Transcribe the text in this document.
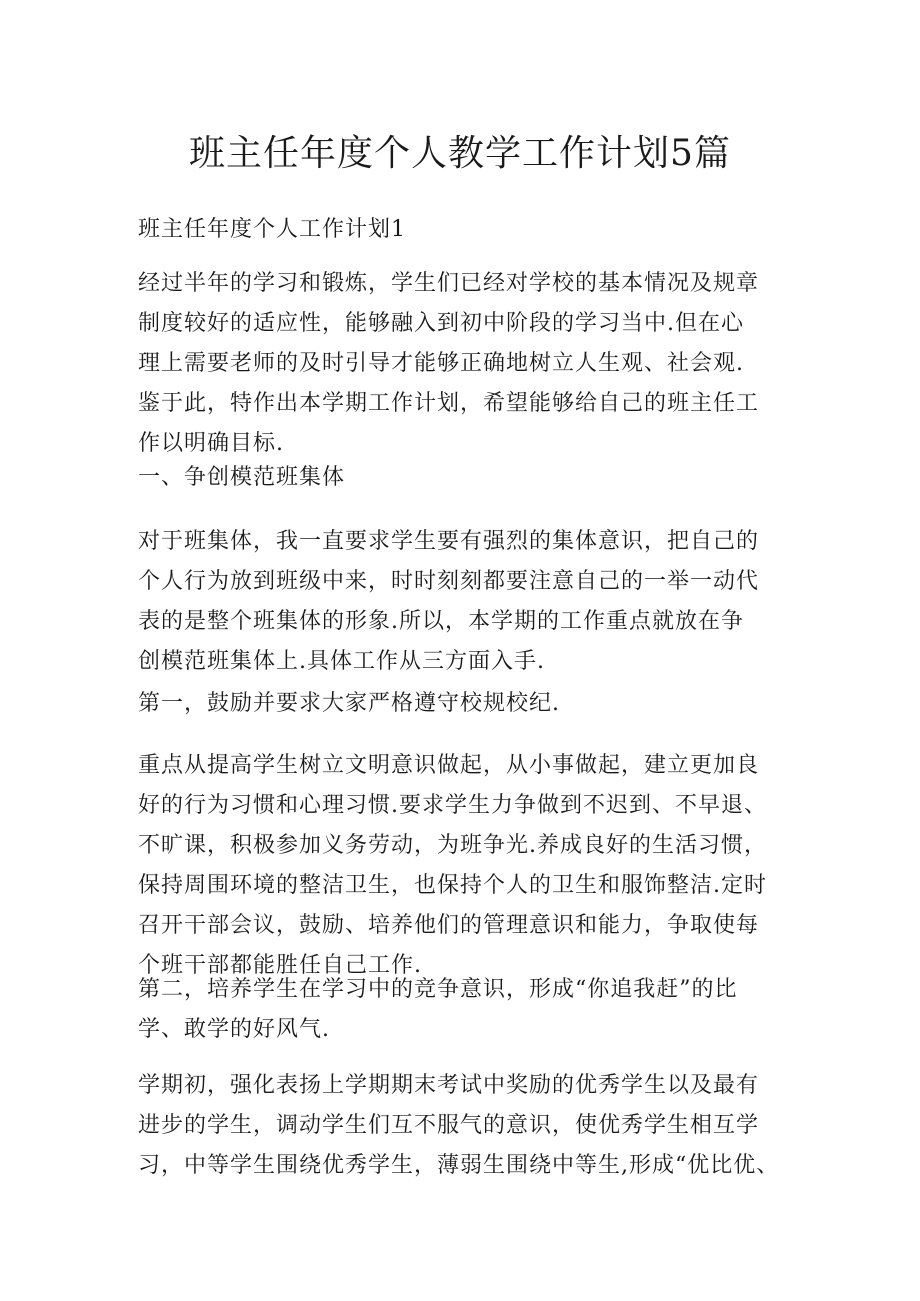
班主任年度个人教学工作计划5篇

班主任年度个人工作计划1

经过半年的学习和锻炼，学生们已经对学校的基本情况及规章
制度较好的适应性，能够融入到初中阶段的学习当中.但在心
理上需要老师的及时引导才能够正确地树立人生观、社会观.
鉴于此，特作出本学期工作计划，希望能够给自己的班主任工
作以明确目标.

一、争创模范班集体

对于班集体，我一直要求学生要有强烈的集体意识，把自己的
个人行为放到班级中来，时时刻刻都要注意自己的一举一动代
表的是整个班集体的形象.所以，本学期的工作重点就放在争
创模范班集体上.具体工作从三方面入手.

第一，鼓励并要求大家严格遵守校规校纪.

重点从提高学生树立文明意识做起，从小事做起，建立更加良
好的行为习惯和心理习惯.要求学生力争做到不迟到、不早退、
不旷课，积极参加义务劳动，为班争光.养成良好的生活习惯，
保持周围环境的整洁卫生，也保持个人的卫生和服饰整洁.定时
召开干部会议，鼓励、培养他们的管理意识和能力，争取使每
个班干部都能胜任自己工作.

第二，培养学生在学习中的竞争意识，形成“你追我赶”的比
学、敢学的好风气.

学期初，强化表扬上学期期末考试中奖励的优秀学生以及最有
进步的学生，调动学生们互不服气的意识，使优秀学生相互学
习，中等学生围绕优秀学生，薄弱生围绕中等生,形成“优比优、
